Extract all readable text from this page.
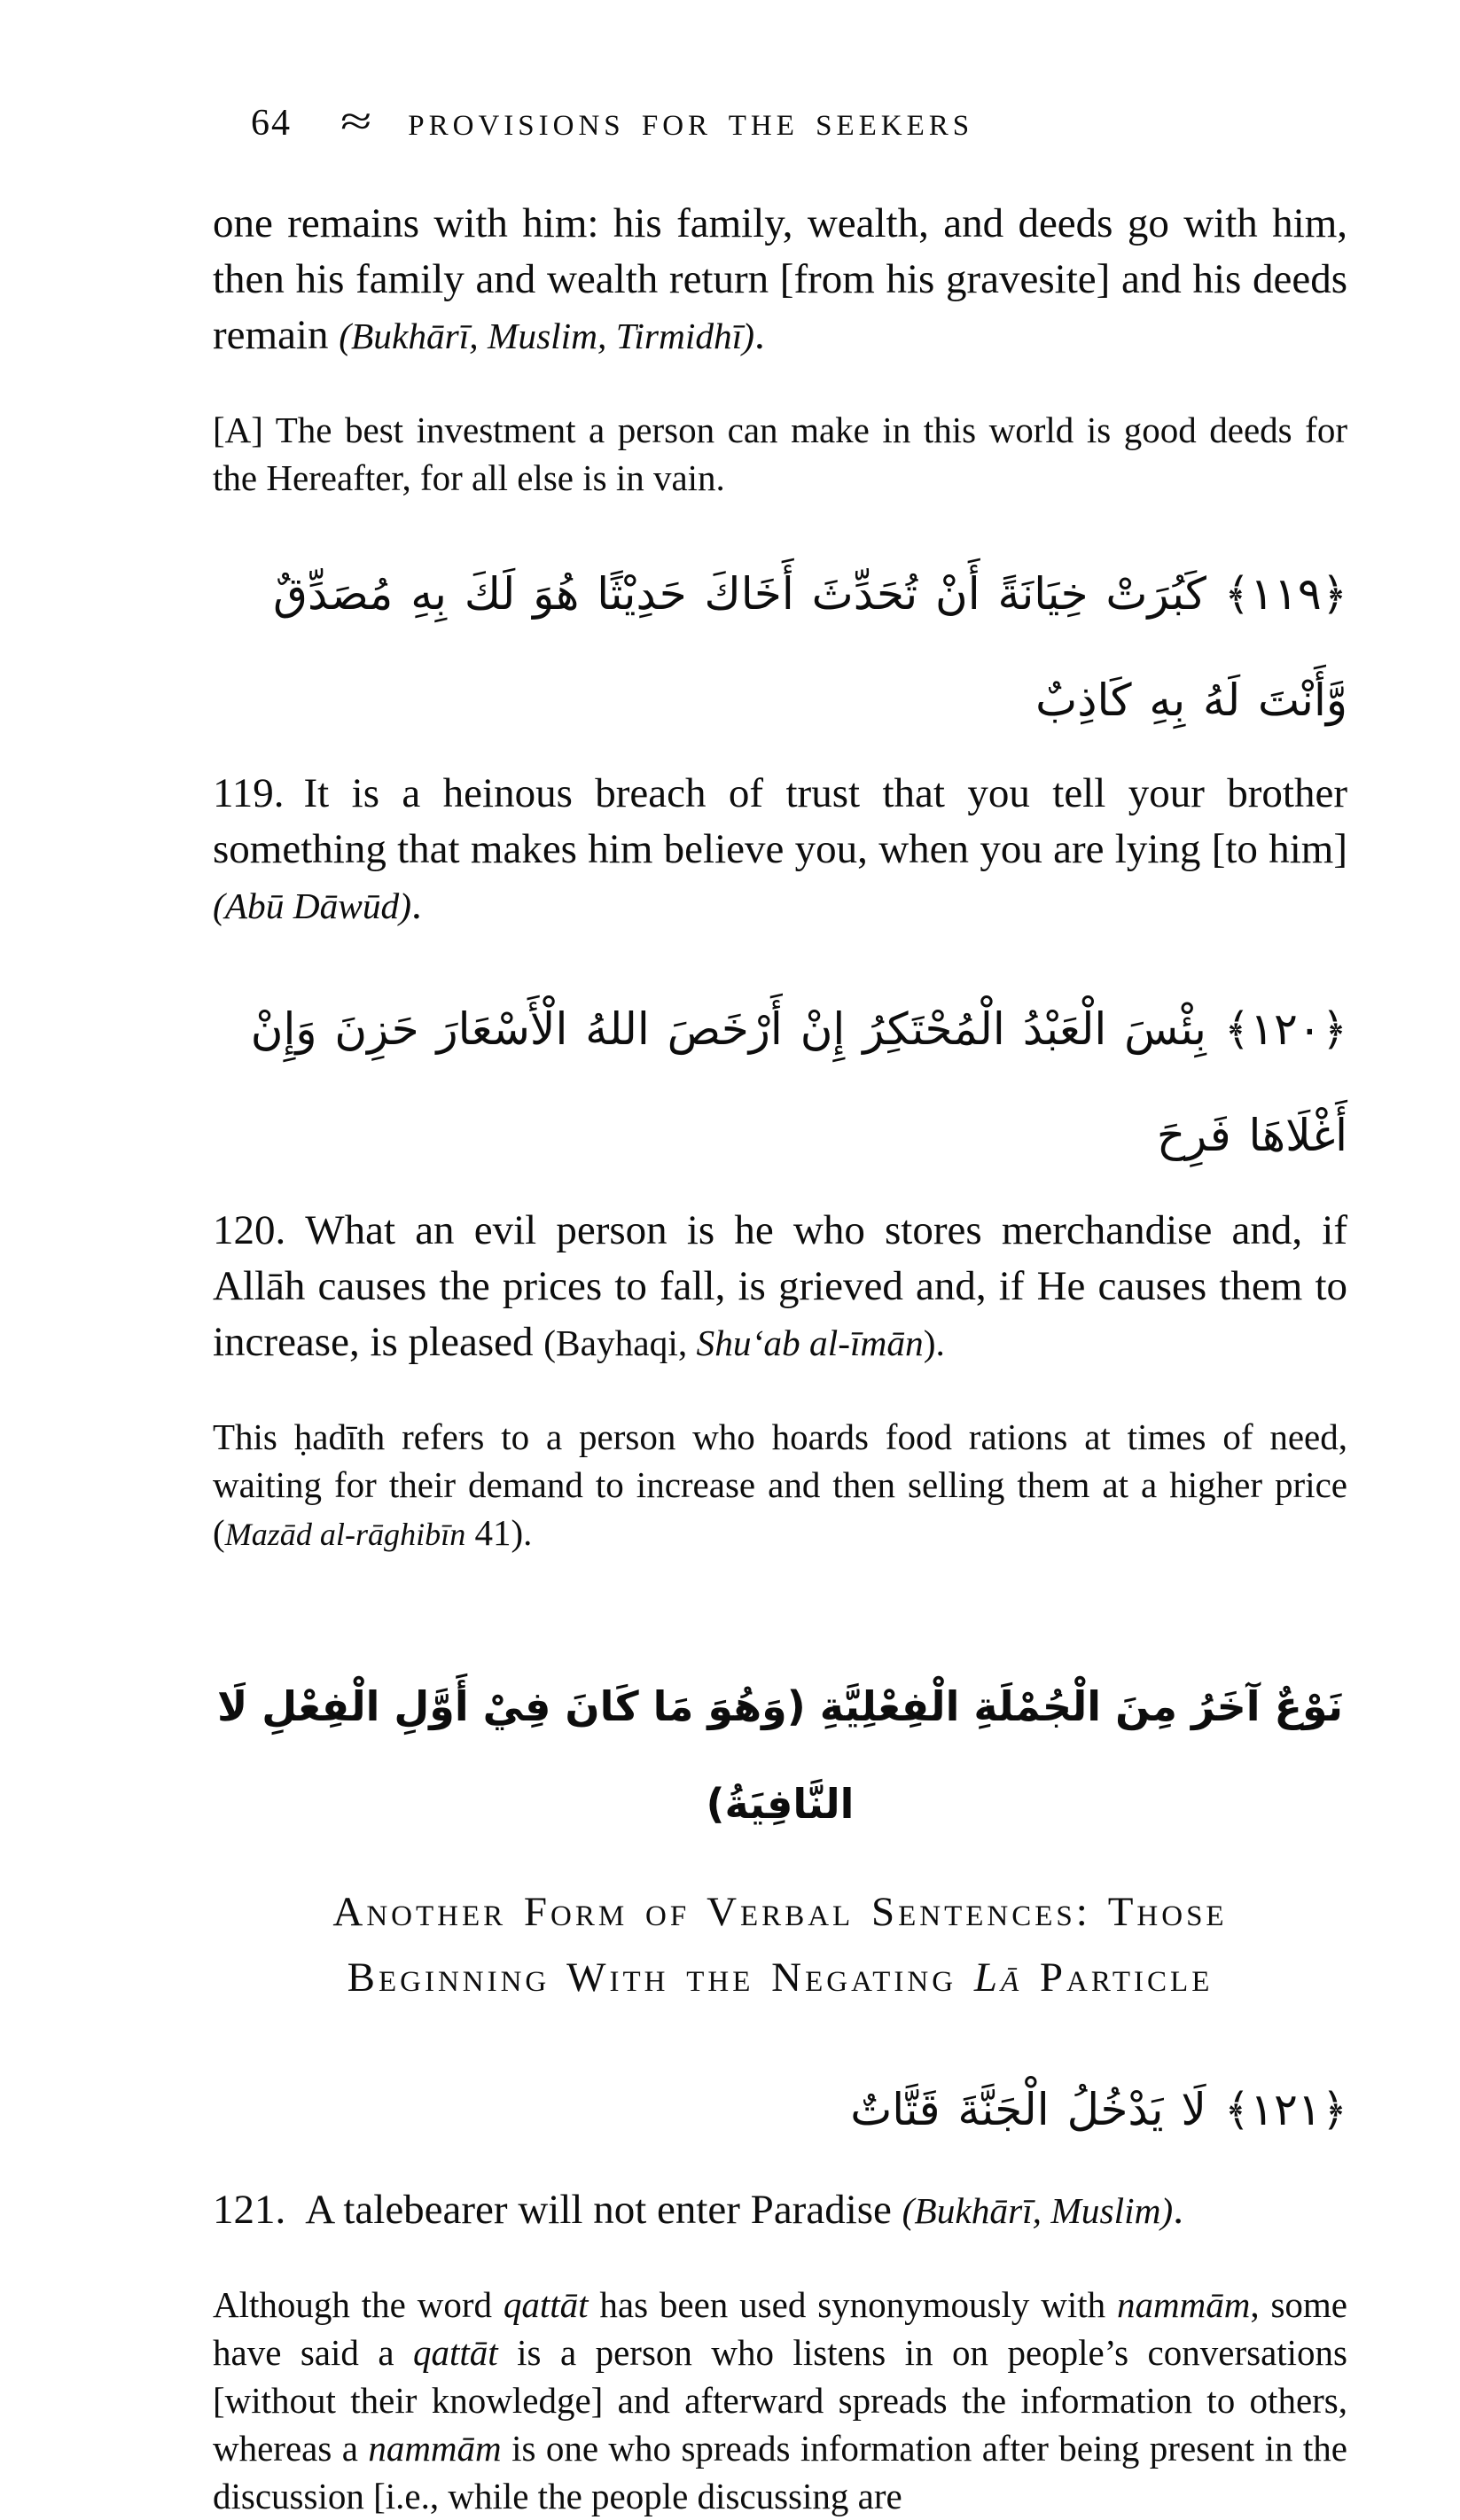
64 ≈ PROVISIONS FOR THE SEEKERS

one remains with him: his family, wealth, and deeds go with him, then his family and wealth return [from his gravesite] and his deeds remain (Bukhārī, Muslim, Tirmidhī).

[A] The best investment a person can make in this world is good deeds for the Hereafter, for all else is in vain.

﴿١١٩﴾ كَبُرَتْ خِيَانَةً أَنْ تُحَدِّثَ أَخَاكَ حَدِيْثًا هُوَ لَكَ بِهِ مُصَدِّقٌ وَّأَنْتَ لَهُ بِهِ كَاذِبٌ

119. It is a heinous breach of trust that you tell your brother something that makes him believe you, when you are lying [to him] (Abū Dāwūd).

﴿١٢٠﴾ بِئْسَ الْعَبْدُ الْمُحْتَكِرُ إِنْ أَرْخَصَ اللهُ الْأَسْعَارَ حَزِنَ وَإِنْ أَغْلَاهَا فَرِحَ

120. What an evil person is he who stores merchandise and, if Allāh causes the prices to fall, is grieved and, if He causes them to increase, is pleased (Bayhaqi, Shu‘ab al-īmān).

This ḥadīth refers to a person who hoards food rations at times of need, waiting for their demand to increase and then selling them at a higher price (Mazād al-rāghibīn 41).

نَوْعٌ آخَرُ مِنَ الْجُمْلَةِ الْفِعْلِيَّةِ (وَهُوَ مَا كَانَ فِيْ أَوَّلِ الْفِعْلِ لَا النَّافِيَةُ)
Another Form of Verbal Sentences: Those
Beginning With the Negating Lā Particle
﴿١٢١﴾ لَا يَدْخُلُ الْجَنَّةَ قَتَّاتٌ

121. A talebearer will not enter Paradise (Bukhārī, Muslim).

Although the word qattāt has been used synonymously with nammām, some have said a qattāt is a person who listens in on people’s conversations [without their knowledge] and afterward spreads the information to others, whereas a nammām is one who spreads information after being present in the discussion [i.e., while the people discussing are
